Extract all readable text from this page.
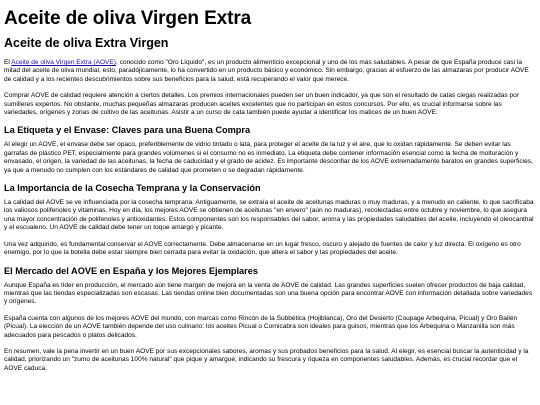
Aceite de oliva Virgen Extra
Aceite de oliva Extra Virgen

El Aceite de oliva Virgen Extra (AOVE), conocido como "Oro Líquido", es un producto alimenticio excepcional y uno de los más saludables. A pesar de que España produce casi la mitad del aceite de oliva mundial, esto, paradójicamente, lo ha convertido en un producto básico y económico. Sin embargo, gracias al esfuerzo de las almazaras por producir AOVE de calidad y a los recientes descubrimientos sobre sus beneficios para la salud, está recuperando el valor que merece.

Comprar AOVE de calidad requiere atención a ciertos detalles. Los premios internacionales pueden ser un buen indicador, ya que son el resultado de catas ciegas realizadas por sumilleres expertos. No obstante, muchas pequeñas almazaras producen aceites excelentes que no participan en estos concursos. Por ello, es crucial informarse sobre las variedades, orígenes y zonas de cultivo de las aceitunas. Asistir a un curso de cata también puede ayudar a identificar los matices de un buen AOVE.

La Etiqueta y el Envase: Claves para una Buena Compra

Al elegir un AOVE, el envase debe ser opaco, preferiblemente de vidrio tintado o lata, para proteger el aceite de la luz y el aire, que lo oxidan rápidamente. Se deben evitar las garrafas de plástico PET, especialmente para grandes volúmenes si el consumo no es inmediato. La etiqueta debe contener información esencial como la fecha de molturación y envasado, el origen, la variedad de las aceitunas, la fecha de caducidad y el grado de acidez. Es importante desconfiar de los AOVE extremadamente baratos en grandes superficies, ya que a menudo no cumplen con los estándares de calidad que prometen o se degradan rápidamente.

La Importancia de la Cosecha Temprana y la Conservación

La calidad del AOVE se ve influenciada por la cosecha temprana. Antiguamente, se extraía el aceite de aceitunas maduras o muy maduras, y a menudo en caliente, lo que sacrificaba los valiosos polifenoles y vitaminas. Hoy en día, los mejores AOVE se obtienen de aceitunas "en envero" (aún no maduras), recolectadas entre octubre y noviembre, lo que asegura una mayor concentración de polifenoles y antioxidantes. Estos componentes son los responsables del sabor, aroma y las propiedades saludables del aceite, incluyendo el oleocanthal y el escualeno. Un AOVE de calidad debe tener un toque amargo y picante.

Una vez adquirido, es fundamental conservar el AOVE correctamente. Debe almacenarse en un lugar fresco, oscuro y alejado de fuentes de calor y luz directa. El oxígeno es otro enemigo, por lo que la botella debe estar siempre bien cerrada para evitar la oxidación, que altera el sabor y las propiedades del aceite.

El Mercado del AOVE en España y los Mejores Ejemplares

Aunque España es líder en producción, el mercado aún tiene margen de mejora en la venta de AOVE de calidad. Las grandes superficies suelen ofrecer productos de baja calidad, mientras que las tiendas especializadas son escasas. Las tiendas online bien documentadas son una buena opción para encontrar AOVE con información detallada sobre variedades y orígenes.

España cuenta con algunos de los mejores AOVE del mundo, con marcas como Rincón de la Subbética (Hojiblanca), Oro del Desierto (Coupage Arbequina, Picual) y Oro Bailén (Picual). La elección de un AOVE también depende del uso culinario: los aceites Picual o Cornicabra son ideales para guisos, mientras que los Arbequina o Manzanilla son más adecuados para pescados o platos delicados.

En resumen, vale la pena invertir en un buen AOVE por sus excepcionales sabores, aromas y sus probados beneficios para la salud. Al elegir, es esencial buscar la autenticidad y la calidad, priorizando un "zumo de aceitunas 100% natural" que pique y amargue, indicando su frescura y riqueza en componentes saludables. Además, es crucial recordar que el AOVE caduca.
